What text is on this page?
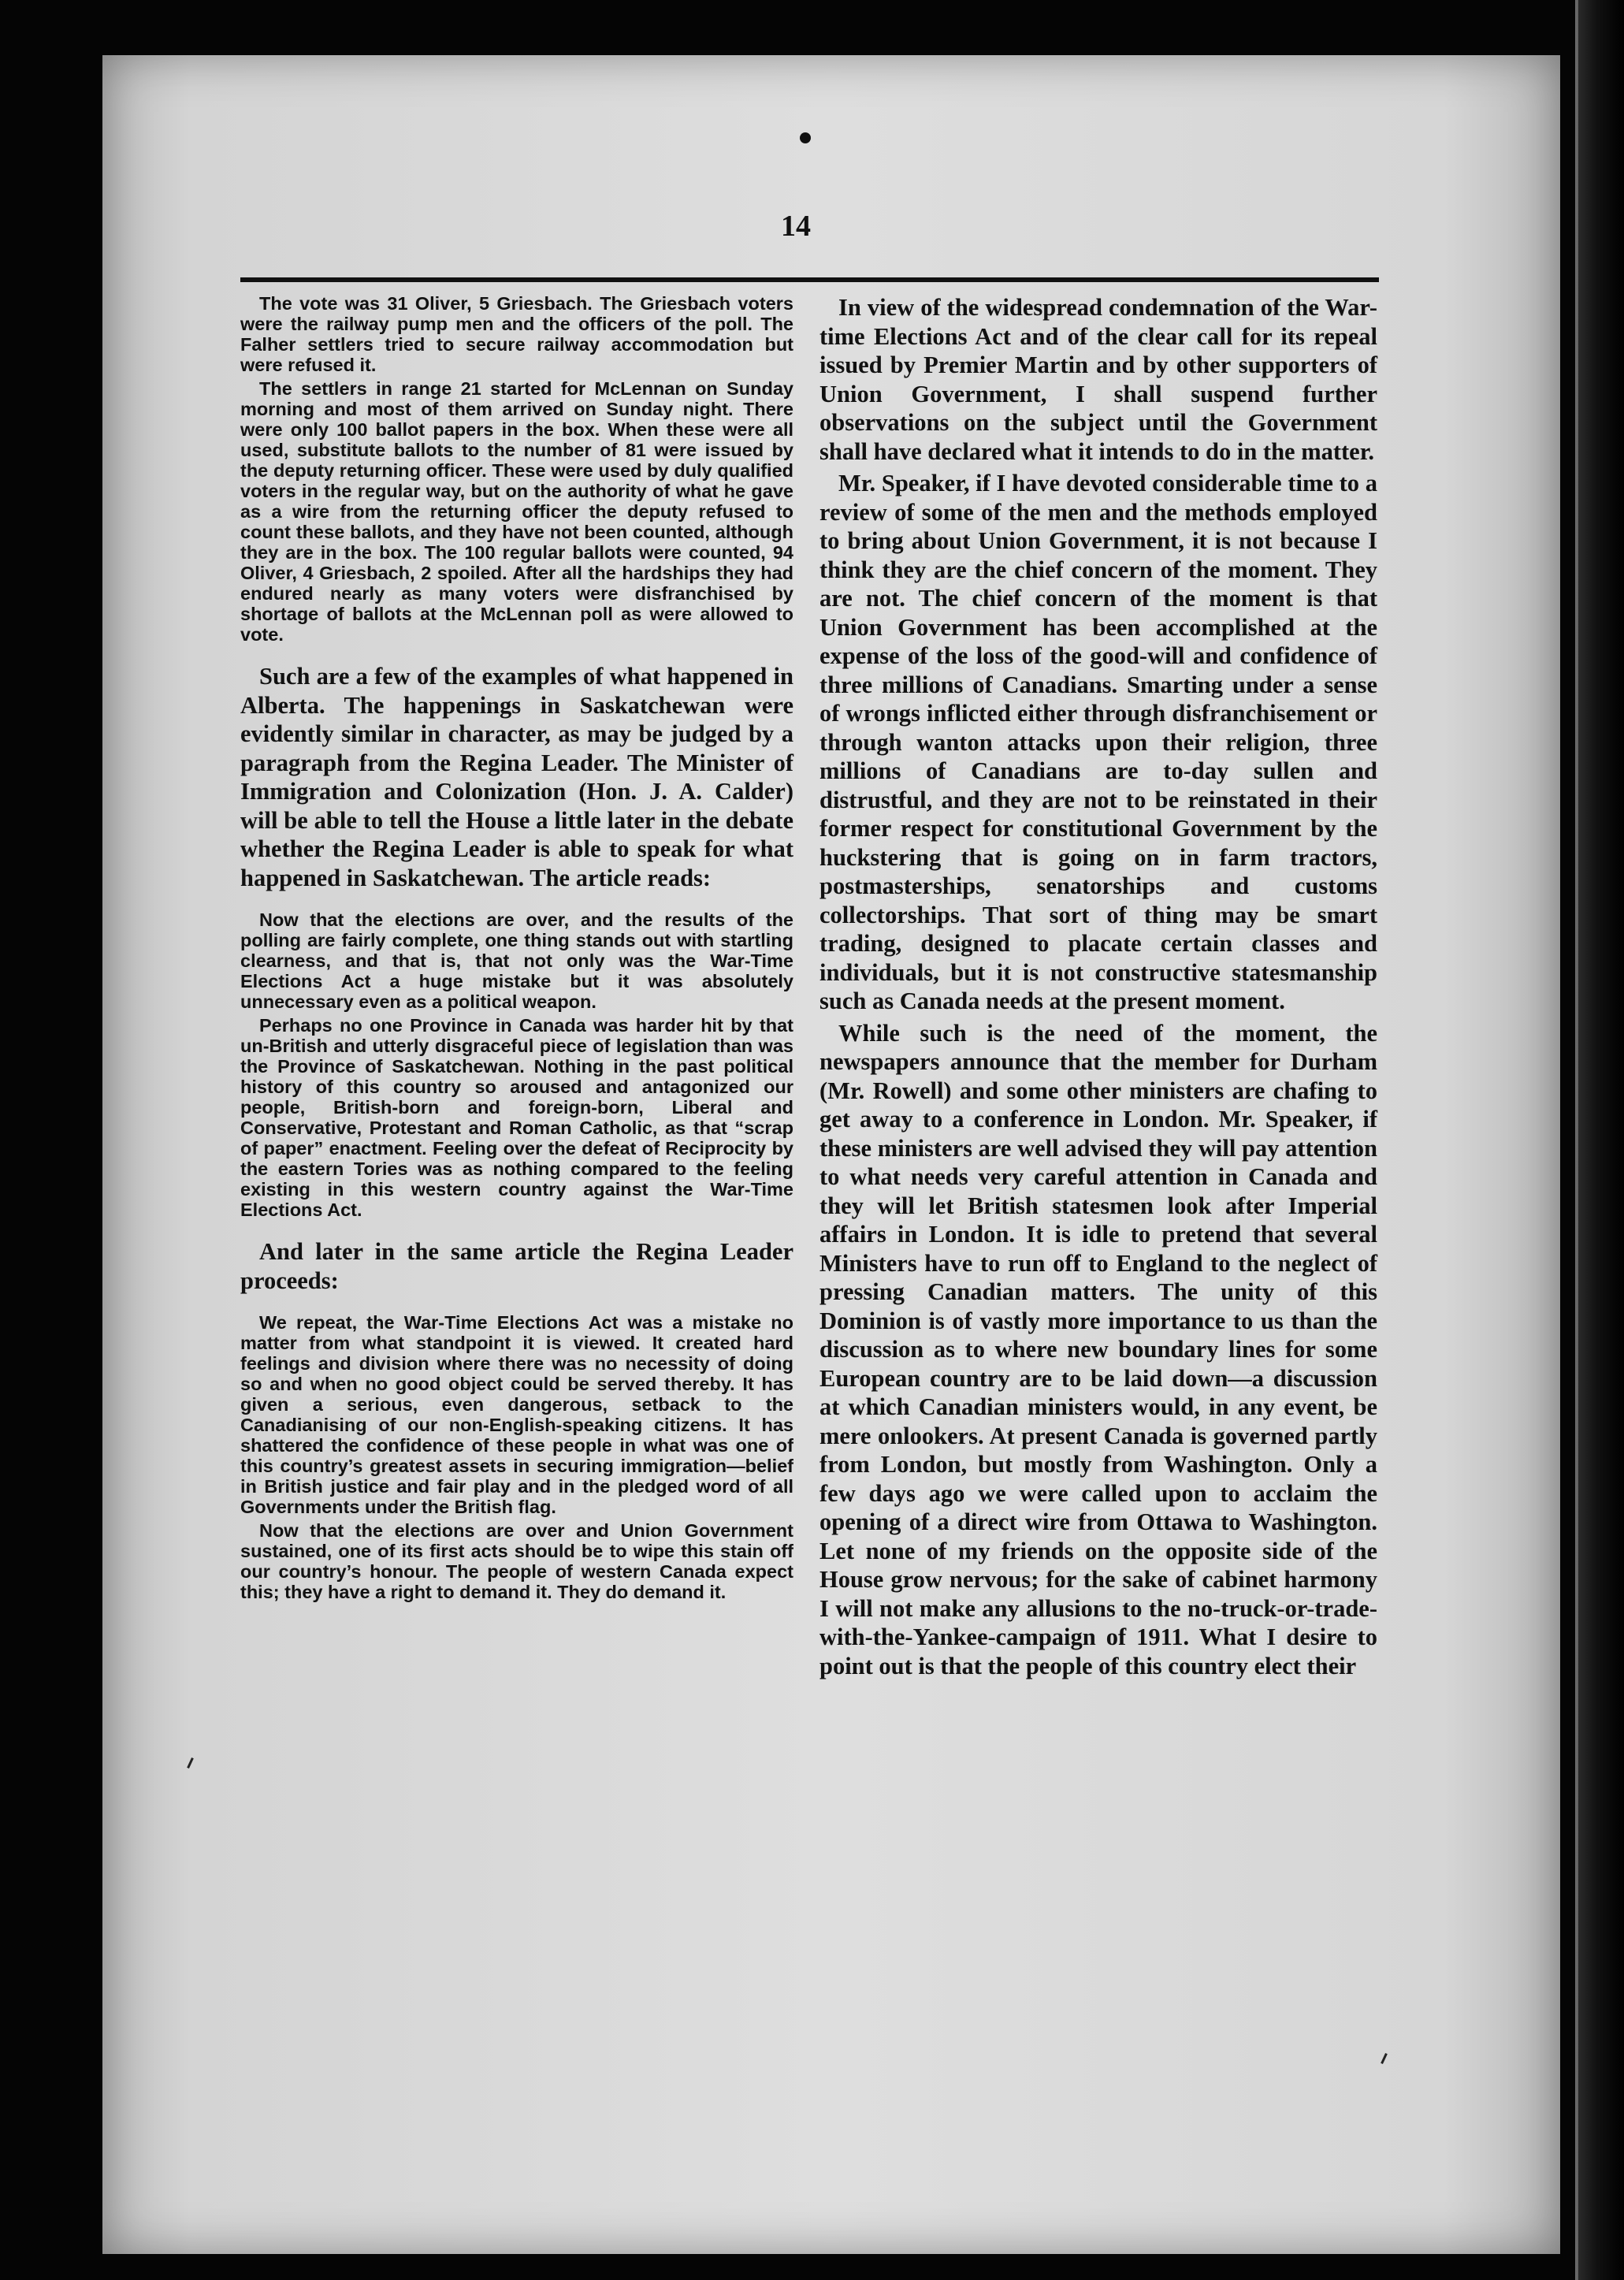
14

The vote was 31 Oliver, 5 Griesbach. The Griesbach voters were the railway pump men and the officers of the poll. The Falher settlers tried to secure railway accommodation but were refused it.

The settlers in range 21 started for McLennan on Sunday morning and most of them arrived on Sunday night. There were only 100 ballot papers in the box. When these were all used, substitute ballots to the number of 81 were issued by the deputy returning officer. These were used by duly qualified voters in the regular way, but on the authority of what he gave as a wire from the returning officer the deputy refused to count these ballots, and they have not been counted, although they are in the box. The 100 regular ballots were counted, 94 Oliver, 4 Griesbach, 2 spoiled. After all the hardships they had endured nearly as many voters were disfranchised by shortage of ballots at the McLennan poll as were allowed to vote.

Such are a few of the examples of what happened in Alberta. The happenings in Saskatchewan were evidently similar in character, as may be judged by a paragraph from the Regina Leader. The Minister of Immigration and Colonization (Hon. J. A. Calder) will be able to tell the House a little later in the debate whether the Regina Leader is able to speak for what happened in Saskatchewan. The article reads:

Now that the elections are over, and the results of the polling are fairly complete, one thing stands out with startling clearness, and that is, that not only was the War-Time Elections Act a huge mistake but it was absolutely unnecessary even as a political weapon.

Perhaps no one Province in Canada was harder hit by that un-British and utterly disgraceful piece of legislation than was the Province of Saskatchewan. Nothing in the past political history of this country so aroused and antagonized our people, British-born and foreign-born, Liberal and Conservative, Protestant and Roman Catholic, as that “scrap of paper” enactment. Feeling over the defeat of Reciprocity by the eastern Tories was as nothing compared to the feeling existing in this western country against the War-Time Elections Act.

And later in the same article the Regina Leader proceeds:

We repeat, the War-Time Elections Act was a mistake no matter from what standpoint it is viewed. It created hard feelings and division where there was no necessity of doing so and when no good object could be served thereby. It has given a serious, even dangerous, setback to the Canadianising of our non-English-speaking citizens. It has shattered the confidence of these people in what was one of this country’s greatest assets in securing immigration—belief in British justice and fair play and in the pledged word of all Governments under the British flag.

Now that the elections are over and Union Government sustained, one of its first acts should be to wipe this stain off our country’s honour. The people of western Canada expect this; they have a right to demand it. They do demand it.

In view of the widespread condemnation of the War-time Elections Act and of the clear call for its repeal issued by Premier Martin and by other supporters of Union Government, I shall suspend further observations on the subject until the Government shall have declared what it intends to do in the matter.

Mr. Speaker, if I have devoted considerable time to a review of some of the men and the methods employed to bring about Union Government, it is not because I think they are the chief concern of the moment. They are not. The chief concern of the moment is that Union Government has been accomplished at the expense of the loss of the good-will and confidence of three millions of Canadians. Smarting under a sense of wrongs inflicted either through disfranchisement or through wanton attacks upon their religion, three millions of Canadians are to-day sullen and distrustful, and they are not to be reinstated in their former respect for constitutional Government by the huckstering that is going on in farm tractors, postmasterships, senatorships and customs collectorships. That sort of thing may be smart trading, designed to placate certain classes and individuals, but it is not constructive statesmanship such as Canada needs at the present moment.

While such is the need of the moment, the newspapers announce that the member for Durham (Mr. Rowell) and some other ministers are chafing to get away to a conference in London. Mr. Speaker, if these ministers are well advised they will pay attention to what needs very careful attention in Canada and they will let British statesmen look after Imperial affairs in London. It is idle to pretend that several Ministers have to run off to England to the neglect of pressing Canadian matters. The unity of this Dominion is of vastly more importance to us than the discussion as to where new boundary lines for some European country are to be laid down—a discussion at which Canadian ministers would, in any event, be mere onlookers. At present Canada is governed partly from London, but mostly from Washington. Only a few days ago we were called upon to acclaim the opening of a direct wire from Ottawa to Washington. Let none of my friends on the opposite side of the House grow nervous; for the sake of cabinet harmony I will not make any allusions to the no-truck-or-trade-with-the-Yankee-campaign of 1911. What I desire to point out is that the people of this country elect their
